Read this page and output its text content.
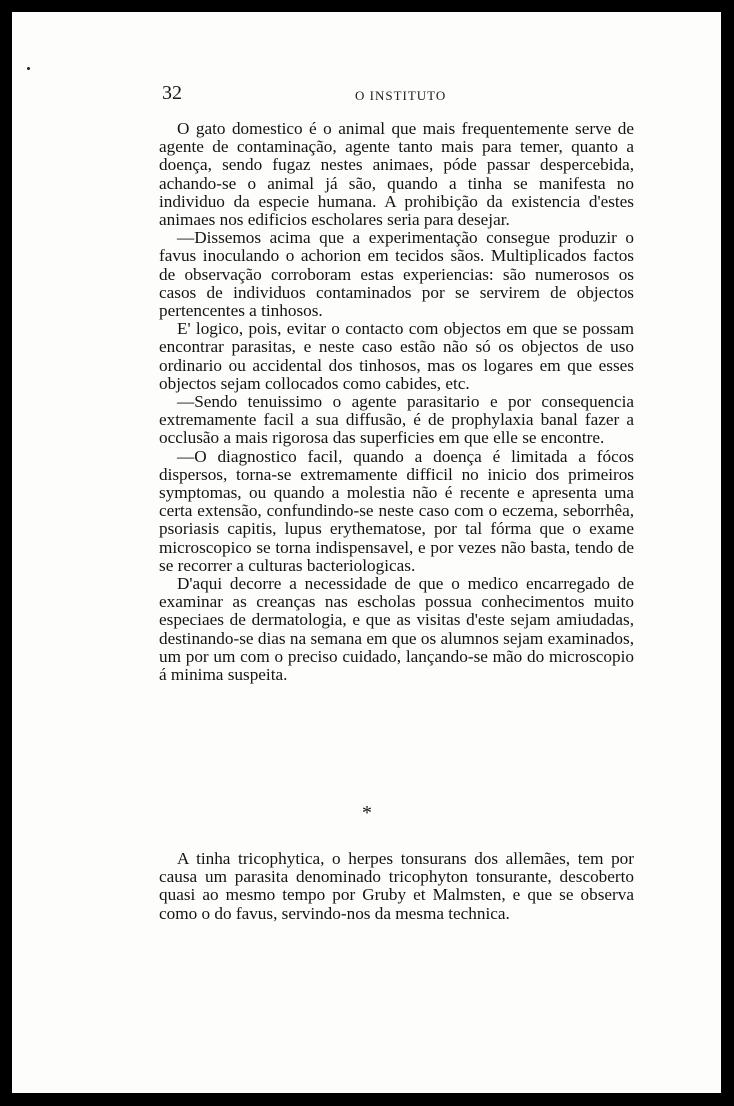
32	O INSTITUTO

O gato domestico é o animal que mais frequentemente serve de agente de contaminação, agente tanto mais para temer, quanto a doença, sendo fugaz nestes animaes, póde passar despercebida, achando-se o animal já são, quando a tinha se manifesta no individuo da especie humana. A prohibição da existencia d'estes animaes nos edificios escholares seria para desejar.

—Dissemos acima que a experimentação consegue produzir o favus inoculando o achorion em tecidos sãos. Multiplicados factos de observação corroboram estas experiencias: são numerosos os casos de individuos contaminados por se servirem de objectos pertencentes a tinhosos.

E' logico, pois, evitar o contacto com objectos em que se possam encontrar parasitas, e neste caso estão não só os objectos de uso ordinario ou accidental dos tinhosos, mas os logares em que esses objectos sejam collocados como cabides, etc.

—Sendo tenuissimo o agente parasitario e por consequencia extremamente facil a sua diffusão, é de prophylaxia banal fazer a occlusão a mais rigorosa das superficies em que elle se encontre.

—O diagnostico facil, quando a doença é limitada a fócos dispersos, torna-se extremamente difficil no inicio dos primeiros symptomas, ou quando a molestia não é recente e apresenta uma certa extensão, confundindo-se neste caso com o eczema, seborrhêa, psoriasis capitis, lupus erythematose, por tal fórma que o exame microscopico se torna indispensavel, e por vezes não basta, tendo de se recorrer a culturas bacteriologicas.

D'aqui decorre a necessidade de que o medico encarregado de examinar as creanças nas escholas possua conhecimentos muito especiaes de dermatologia, e que as visitas d'este sejam amiudadas, destinando-se dias na semana em que os alumnos sejam examinados, um por um com o preciso cuidado, lançando-se mão do microscopio á minima suspeita.

*

A tinha tricophytica, o herpes tonsurans dos allemães, tem por causa um parasita denominado tricophyton tonsurante, descoberto quasi ao mesmo tempo por Gruby et Malmsten, e que se observa como o do favus, servindo-nos da mesma technica.
